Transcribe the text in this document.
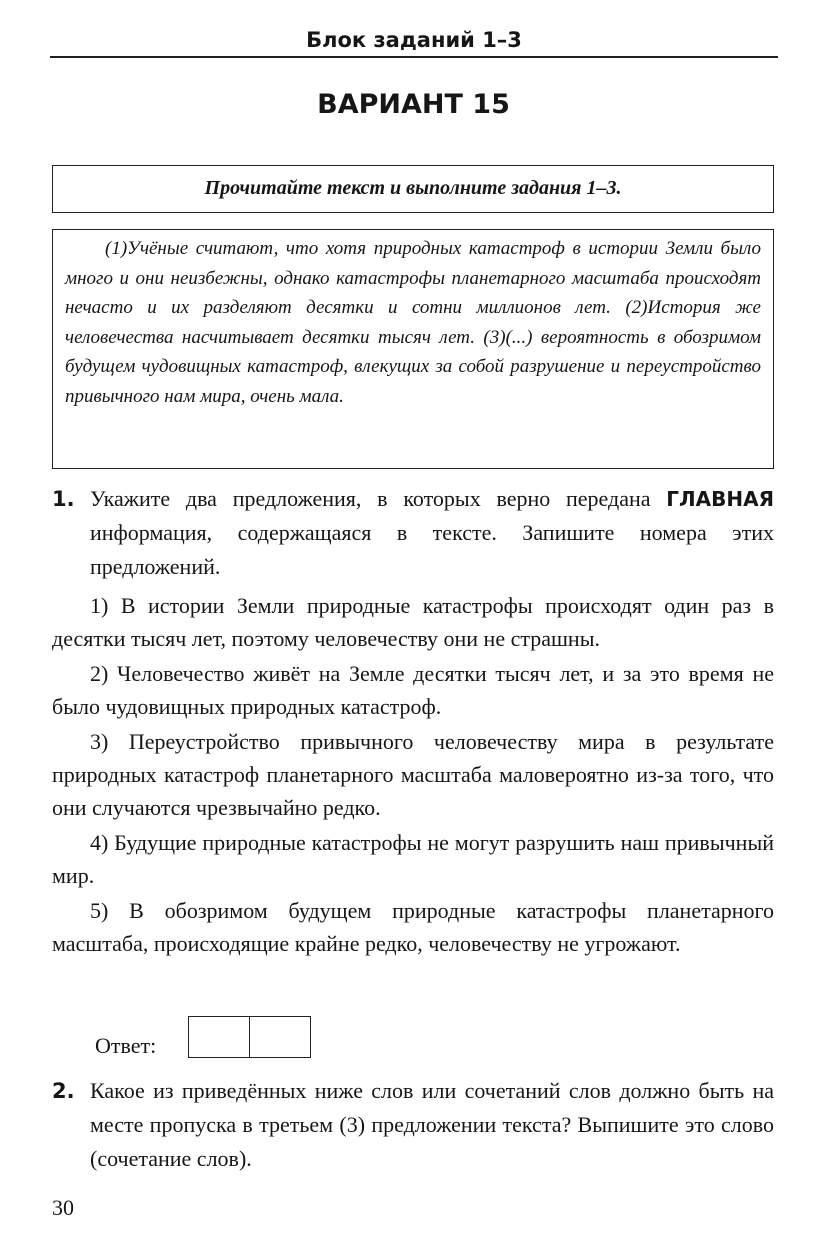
Блок заданий 1–3
ВАРИАНТ 15
Прочитайте текст и выполните задания 1–3.
(1)Учёные считают, что хотя природных катастроф в истории Земли было много и они неизбежны, однако катастрофы планетарного масштаба происходят нечасто и их разделяют десятки и сотни миллионов лет. (2)История же человечества насчитывает десятки тысяч лет. (3)(...) вероятность в обозримом будущем чудовищных катастроф, влекущих за собой разрушение и переустройство привычного нам мира, очень мала.
1. Укажите два предложения, в которых верно передана ГЛАВНАЯ информация, содержащаяся в тексте. Запишите номера этих предложений.

1) В истории Земли природные катастрофы происходят один раз в десятки тысяч лет, поэтому человечеству они не страшны.

2) Человечество живёт на Земле десятки тысяч лет, и за это время не было чудовищных природных катастроф.

3) Переустройство привычного человечеству мира в результате природных катастроф планетарного масштаба маловероятно из-за того, что они случаются чрезвычайно редко.

4) Будущие природные катастрофы не могут разрушить наш привычный мир.

5) В обозримом будущем природные катастрофы планетарного масштаба, происходящие крайне редко, человечеству не угрожают.

Ответ:
2. Какое из приведённых ниже слов или сочетаний слов должно быть на месте пропуска в третьем (3) предложении текста? Выпишите это слово (сочетание слов).
30
